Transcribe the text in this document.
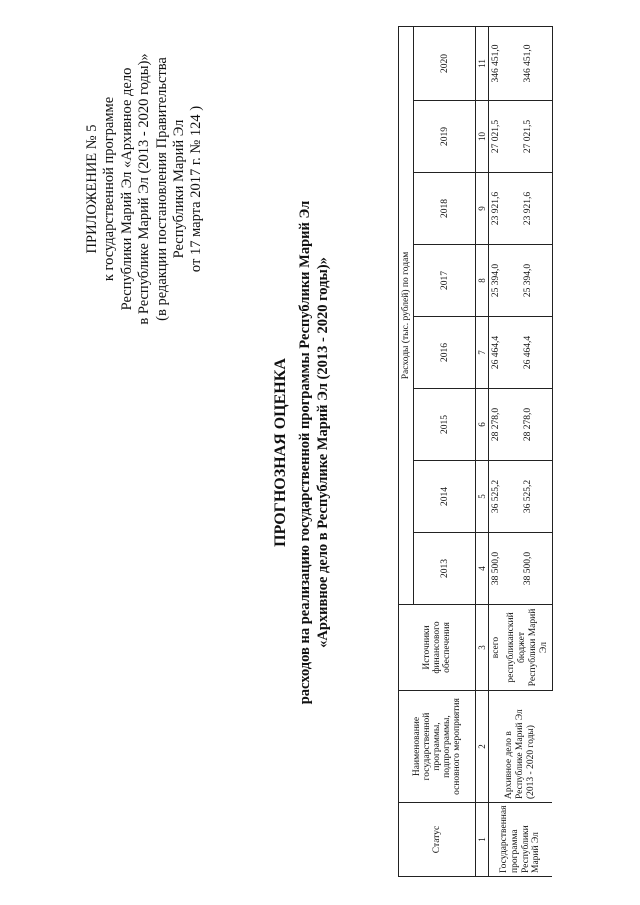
ПРИЛОЖЕНИЕ № 5 к государственной программе Республики Марий Эл «Архивное дело в Республике Марий Эл (2013 - 2020 годы)» (в редакции постановления Правительства Республики Марий Эл от 17 марта 2017 г. № 124 )
ПРОГНОЗНАЯ ОЦЕНКА расходов на реализацию государственной программы Республики Марий Эл «Архивное дело в Республике Марий Эл (2013 - 2020 годы)»
Статус	Наименование государственной программы, подпрограммы, основного мероприятия	Источники финансового обеспечения	Расходы (тыс. рублей) по годам							
			2013	2014	2015	2016	2017	2018	2019	2020
1	2	3	4	5	6	7	8	9	10	11
Государственная программа Республики Марий Эл	Архивное дело в Республике Марий Эл (2013 - 2020 годы)	всего	38 500,0	36 525,2	28 278,0	26 464,4	25 394,0	23 921,6	27 021,5	346 451,0
		республиканский бюджет Республики Марий Эл	38 500,0	36 525,2	28 278,0	26 464,4	25 394,0	23 921,6	27 021,5	346 451,0
